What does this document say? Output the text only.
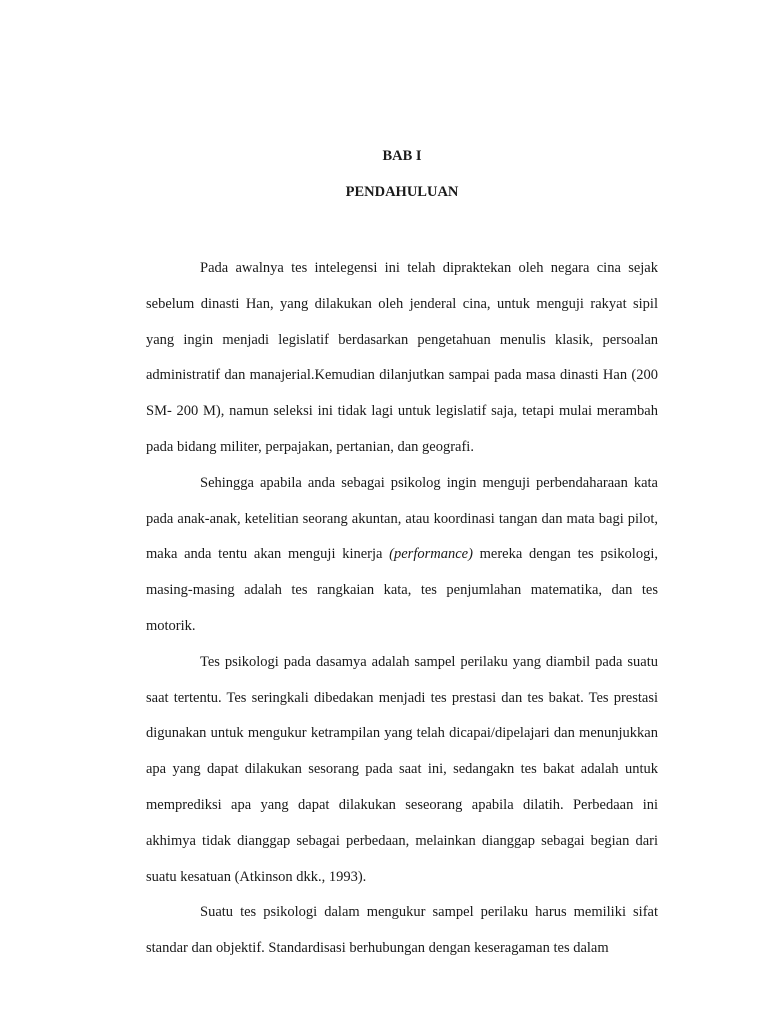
BAB I
PENDAHULUAN

Pada awalnya tes intelegensi ini telah dipraktekan oleh negara cina sejak sebelum dinasti Han, yang dilakukan oleh jenderal cina, untuk menguji rakyat sipil yang ingin menjadi legislatif berdasarkan pengetahuan menulis klasik, persoalan administratif dan manajerial.Kemudian dilanjutkan sampai pada masa dinasti Han (200 SM- 200 M), namun seleksi ini tidak lagi untuk legislatif saja, tetapi mulai merambah pada bidang militer, perpajakan, pertanian, dan geografi.

Sehingga apabila anda sebagai psikolog ingin menguji perbendaharaan kata pada anak-anak, ketelitian seorang akuntan, atau koordinasi tangan dan mata bagi pilot, maka anda tentu akan menguji kinerja (performance) mereka dengan tes psikologi, masing-masing adalah tes rangkaian kata, tes penjumlahan matematika, dan tes motorik.

Tes psikologi pada dasamya adalah sampel perilaku yang diambil pada suatu saat tertentu. Tes seringkali dibedakan menjadi tes prestasi dan tes bakat. Tes prestasi digunakan untuk mengukur ketrampilan yang telah dicapai/dipelajari dan menunjukkan apa yang dapat dilakukan sesorang pada saat ini, sedangakn tes bakat adalah untuk memprediksi apa yang dapat dilakukan seseorang apabila dilatih. Perbedaan ini akhimya tidak dianggap sebagai perbedaan, melainkan dianggap sebagai begian dari suatu kesatuan (Atkinson dkk., 1993).

Suatu tes psikologi dalam mengukur sampel perilaku harus memiliki sifat standar dan objektif. Standardisasi berhubungan dengan keseragaman tes dalam
